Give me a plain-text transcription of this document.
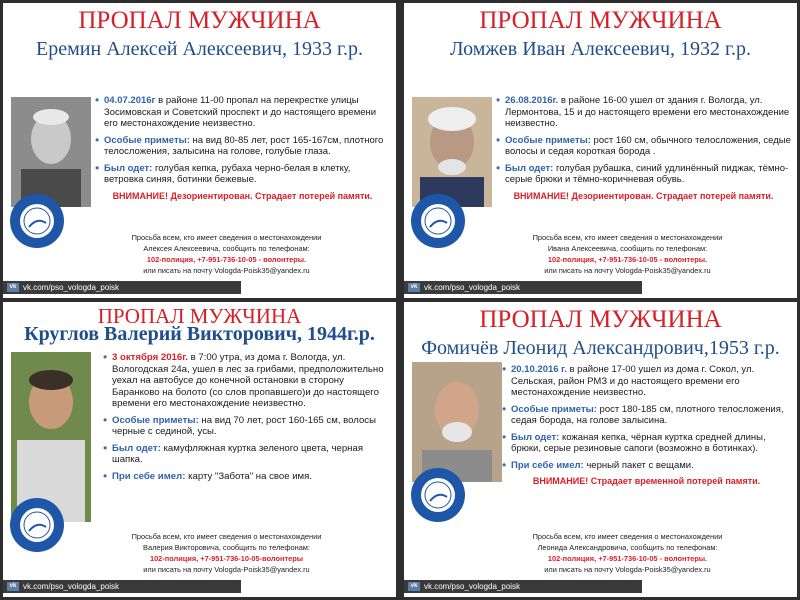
ПРОПАЛ МУЖЧИНА
Еремин Алексей Алексеевич, 1933 г.р.
• 04.07.2016г в районе 11-00 пропал на перекрестке улицы Зосимовская и Советский проспект и до настоящего времени его местонахождение неизвестно.
• Особые приметы: на вид 80-85 лет, рост 165-167см, плотного телосложения, залысина на голове, голубые глаза.
• Был одет: голубая кепка, рубаха черно-белая в клетку, ветровка синяя, ботинки бежевые.
ВНИМАНИЕ! Дезориентирован. Страдает потерей памяти.
Просьба всем, кто имеет сведения о местонахождении
Алексея Алексеевича, сообщить по телефонам:
102-полиция, +7-951-736-10-05 - волонтеры.
или писать на почту Vologda-Poisk35@yandex.ru
vk vk.com/pso_vologda_poisk
ПРОПАЛ МУЖЧИНА
Ломжев Иван Алексеевич, 1932 г.р.
• 26.08.2016г. в районе 16-00 ушел от здания г. Вологда, ул. Лермонтова, 15 и до настоящего времени его местонахождение неизвестно.
• Особые приметы: рост 160 см, обычного телосложения, седые волосы и седая короткая борода .
• Был одет: голубая рубашка, синий удлинённый пиджак, тёмно-серые брюки и тёмно-коричневая обувь.
ВНИМАНИЕ! Дезориентирован. Страдает потерей памяти.
Просьба всем, кто имеет сведения о местонахождении
Ивана Алексеевича, сообщить по телефонам:
102-полиция, +7-951-736-10-05 - волонтеры.
или писать на почту Vologda-Poisk35@yandex.ru
vk vk.com/pso_vologda_poisk
ПРОПАЛ МУЖЧИНА
Круглов Валерий Викторович, 1944г.р.
• 3 октября 2016г. в 7:00 утра, из дома г. Вологда, ул. Вологодская 24а, ушел в лес за грибами, предположительно уехал на автобусе до конечной остановки в сторону Баранково на болото (со слов пропавшего)и до настоящего времени его местонахождение неизвестно.
• Особые приметы: на вид 70 лет, рост 160-165 см, волосы черные с сединой, усы.
• Был одет: камуфляжная куртка зеленого цвета, черная шапка.
• При себе имел: карту "Забота" на свое имя.
Просьба всем, кто имеет сведения о местонахождении
Валерия Викторовича, сообщить по телефонам:
102-полиция, +7-951-736-10-05-волонтеры
или писать на почту Vologda-Poisk35@yandex.ru
vk vk.com/pso_vologda_poisk
ПРОПАЛ МУЖЧИНА
Фомичёв Леонид Александрович,1953 г.р.
• 20.10.2016 г. в районе 17-00 ушел из дома г. Сокол, ул. Сельская, район РМЗ и до настоящего времени его местонахождение неизвестно.
• Особые приметы: рост 180-185 см, плотного телосложения, седая борода, на голове залысина.
• Был одет: кожаная кепка, чёрная куртка средней длины, брюки, серые резиновые сапоги (возможно в ботинках).
• При себе имел: черный пакет с вещами.
ВНИМАНИЕ! Страдает временной потерей памяти.
Просьба всем, кто имеет сведения о местонахождении
Леонида Александровича, сообщить по телефонам:
102-полиция, +7-951-736-10-05 - волонтеры.
или писать на почту Vologda-Poisk35@yandex.ru
vk vk.com/pso_vologda_poisk
